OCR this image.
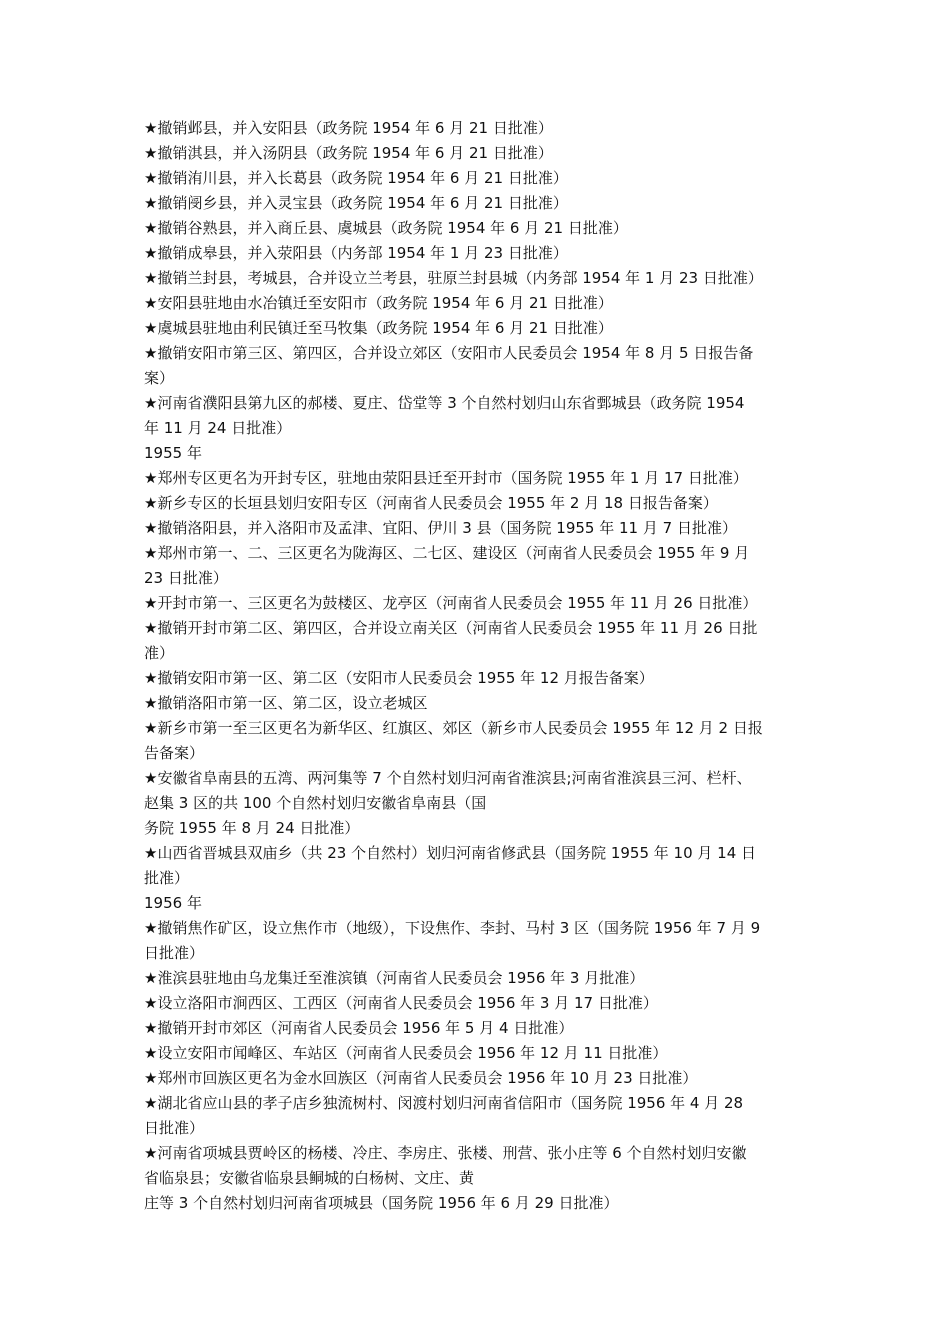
★撤销邺县，并入安阳县（政务院 1954 年 6 月 21 日批准）
★撤销淇县，并入汤阴县（政务院 1954 年 6 月 21 日批准）
★撤销洧川县，并入长葛县（政务院 1954 年 6 月 21 日批准）
★撤销阌乡县，并入灵宝县（政务院 1954 年 6 月 21 日批准）
★撤销谷熟县，并入商丘县、虞城县（政务院 1954 年 6 月 21 日批准）
★撤销成皋县，并入荥阳县（内务部 1954 年 1 月 23 日批准）
★撤销兰封县，考城县，合并设立兰考县，驻原兰封县城（内务部 1954 年 1 月 23 日批准）
★安阳县驻地由水冶镇迁至安阳市（政务院 1954 年 6 月 21 日批准）
★虞城县驻地由利民镇迁至马牧集（政务院 1954 年 6 月 21 日批准）
★撤销安阳市第三区、第四区，合并设立郊区（安阳市人民委员会 1954 年 8 月 5 日报告备
案）
★河南省濮阳县第九区的郝楼、夏庄、岱堂等 3 个自然村划归山东省鄄城县（政务院 1954
年 11 月 24 日批准）
1955 年
★郑州专区更名为开封专区，驻地由荥阳县迁至开封市（国务院 1955 年 1 月 17 日批准）
★新乡专区的长垣县划归安阳专区（河南省人民委员会 1955 年 2 月 18 日报告备案）
★撤销洛阳县，并入洛阳市及孟津、宜阳、伊川 3 县（国务院 1955 年 11 月 7 日批准）
★郑州市第一、二、三区更名为陇海区、二七区、建设区（河南省人民委员会 1955 年 9 月
23 日批准）
★开封市第一、三区更名为鼓楼区、龙亭区（河南省人民委员会 1955 年 11 月 26 日批准）
★撤销开封市第二区、第四区，合并设立南关区（河南省人民委员会 1955 年 11 月 26 日批
准）
★撤销安阳市第一区、第二区（安阳市人民委员会 1955 年 12 月报告备案）
★撤销洛阳市第一区、第二区，设立老城区
★新乡市第一至三区更名为新华区、红旗区、郊区（新乡市人民委员会 1955 年 12 月 2 日报
告备案）
★安徽省阜南县的五湾、两河集等 7 个自然村划归河南省淮滨县;河南省淮滨县三河、栏杆、
赵集 3 区的共 100 个自然村划归安徽省阜南县（国
务院 1955 年 8 月 24 日批准）
★山西省晋城县双庙乡（共 23 个自然村）划归河南省修武县（国务院 1955 年 10 月 14 日
批准）
1956 年
★撤销焦作矿区，设立焦作市（地级），下设焦作、李封、马村 3 区（国务院 1956 年 7 月 9
日批准）
★淮滨县驻地由乌龙集迁至淮滨镇（河南省人民委员会 1956 年 3 月批准）
★设立洛阳市涧西区、工西区（河南省人民委员会 1956 年 3 月 17 日批准）
★撤销开封市郊区（河南省人民委员会 1956 年 5 月 4 日批准）
★设立安阳市闻峰区、车站区（河南省人民委员会 1956 年 12 月 11 日批准）
★郑州市回族区更名为金水回族区（河南省人民委员会 1956 年 10 月 23 日批准）
★湖北省应山县的孝子店乡独流树村、闵渡村划归河南省信阳市（国务院 1956 年 4 月 28
日批准）
★河南省项城县贾岭区的杨楼、冷庄、李房庄、张楼、刑营、张小庄等 6 个自然村划归安徽
省临泉县；安徽省临泉县鲖城的白杨树、文庄、黄
庄等 3 个自然村划归河南省项城县（国务院 1956 年 6 月 29 日批准）
